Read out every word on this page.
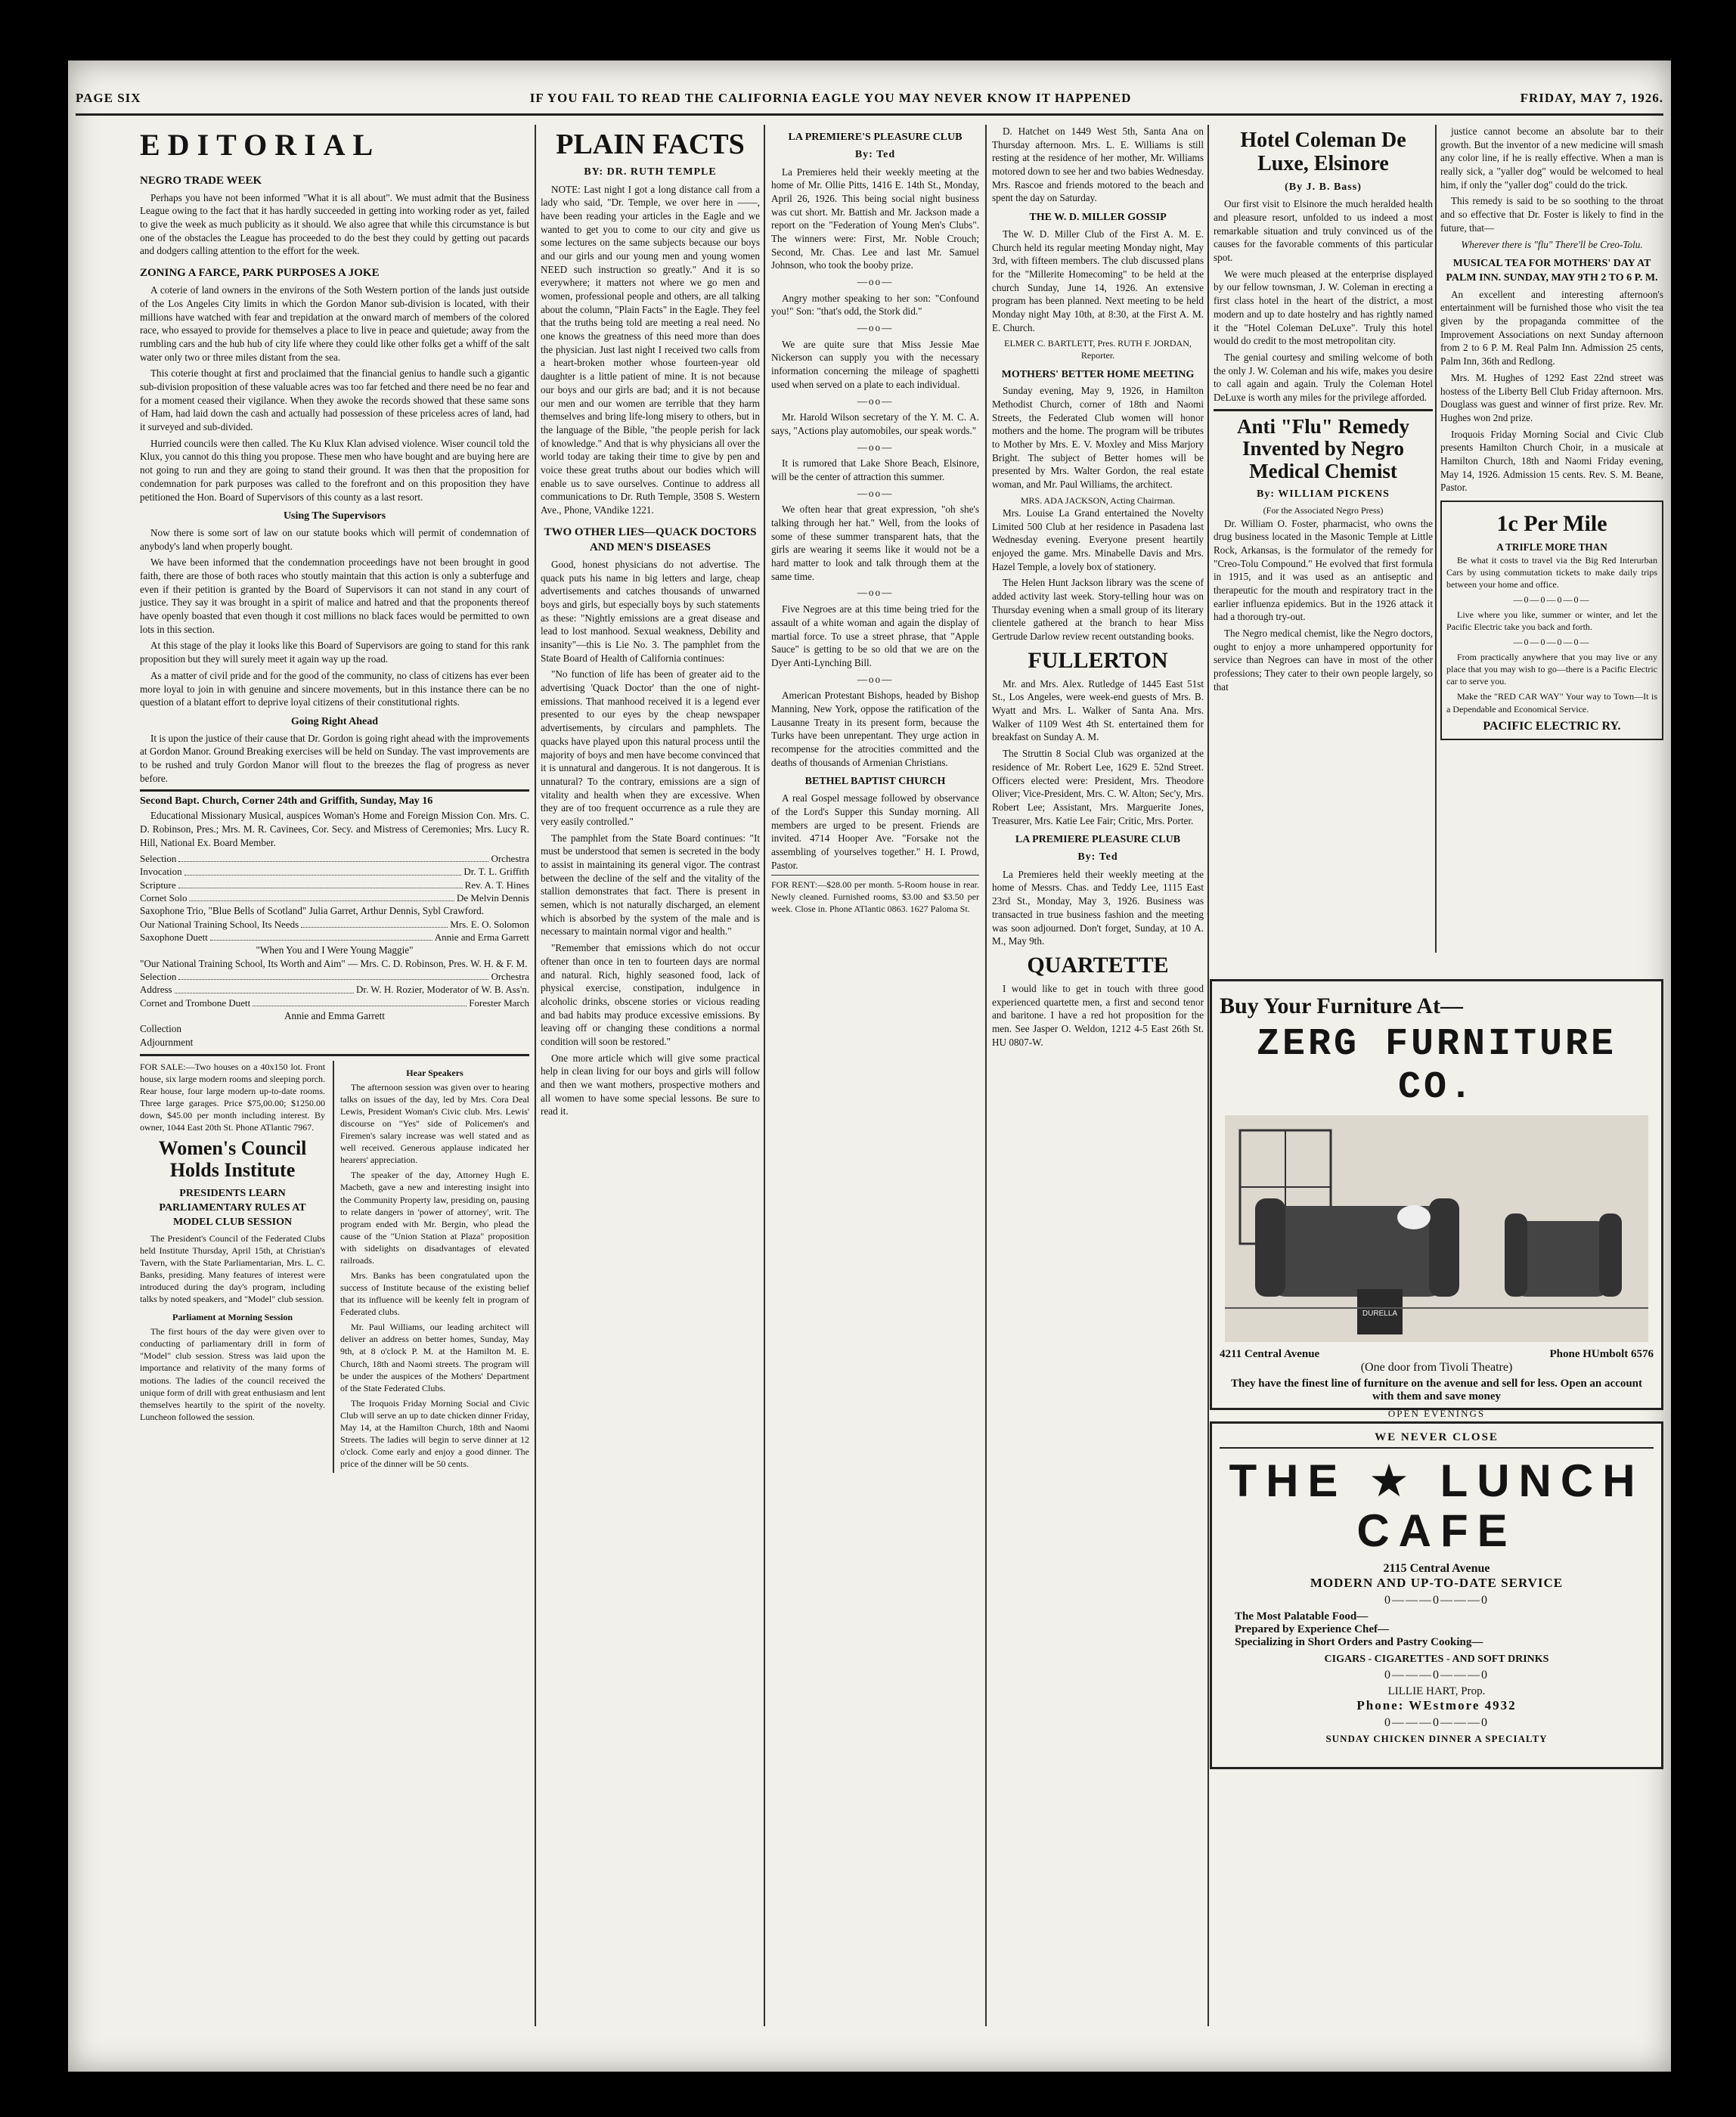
PAGE SIX	IF YOU FAIL TO READ THE CALIFORNIA EAGLE YOU MAY NEVER KNOW IT HAPPENED	FRIDAY, MAY 7, 1926.
EDITORIAL
NEGRO TRADE WEEK

Perhaps you have not been informed "What it is all about". We must admit that the Business League owing to the fact that it has hardly succeeded in getting into working roder as yet, failed to give the week as much publicity as it should. We also agree that while this circumstance is but one of the obstacles the League has proceeded to do the best they could by getting out pacards and dodgers calling attention to the effort for the week.

ZONING A FARCE, PARK PURPOSES A JOKE

A coterie of land owners in the environs of the Soth Western portion of the lands just outside of the Los Angeles City limits in which the Gordon Manor sub-division is located, with their millions have watched with fear and trepidation at the onward march of members of the colored race, who essayed to provide for themselves a place to live in peace and quietude; away from the rumbling cars and the hub hub of city life where they could like other folks get a whiff of the salt water only two or three miles distant from the sea.

This coterie thought at first and proclaimed that the financial genius to handle such a gigantic sub-division proposition of these valuable acres was too far fetched and there need be no fear and for a moment ceased their vigilance. When they awoke the records showed that these same sons of Ham, had laid down the cash and actually had possession of these priceless acres of land, had it surveyed and sub-divided.

Hurried councils were then called. The Ku Klux Klan advised violence. Wiser council told the Klux, you cannot do this thing you propose. These men who have bought and are buying here are not going to run and they are going to stand their ground. It was then that the proposition for condemnation for park purposes was called to the forefront and on this proposition they have petitioned the Hon. Board of Supervisors of this county as a last resort.

Using The Supervisors

Now there is some sort of law on our statute books which will permit of condemnation of anybody's land when properly bought.

We have been informed that the condemnation proceedings have not been brought in good faith, there are those of both races who stoutly maintain that this action is only a subterfuge and even if their petition is granted by the Board of Supervisors it can not stand in any court of justice. They say it was brought in a spirit of malice and hatred and that the proponents thereof have openly boasted that even though it cost millions no black faces would be permitted to own lots in this section.

At this stage of the play it looks like this Board of Supervisors are going to stand for this rank proposition but they will surely meet it again way up the road.

As a matter of civil pride and for the good of the community, no class of citizens has ever been more loyal to join in with genuine and sincere movements, but in this instance there can be no question of a blatant effort to deprive loyal citizens of their constitutional rights.

Going Right Ahead

It is upon the justice of their cause that Dr. Gordon is going right ahead with the improvements at Gordon Manor. Ground Breaking exercises will be held on Sunday. The vast improvements are to be rushed and truly Gordon Manor will flout to the breezes the flag of progress as never before.

Second Bapt. Church, Corner 24th and Griffith, Sunday, May 16

Educational Missionary Musical, auspices Woman's Home and Foreign Mission Con. Mrs. C. D. Robinson, Pres.; Mrs. M. R. Cavinees, Cor. Secy. and Mistress of Ceremonies; Mrs. Lucy R. Hill, National Ex. Board Member.

Selection	Orchestra
Invocation	Dr. T. L. Griffith
Scripture	Rev. A. T. Hines
Cornet Solo	De Melvin Dennis
Saxophone Trio, "Blue Bells of Scotland" Julia Garret, Arthur Dennis, Sybl Crawford.
Our National Training School, Its Needs	Mrs. E. O. Solomon
Saxophone Duett	Annie and Erma Garrett
"When You and I Were Young Maggie"
"Our National Training School, Its Worth and Aim" — Mrs. C. D. Robinson, Pres. W. H. & F. M.
Selection	Orchestra
Address	Dr. W. H. Rozier, Moderator of W. B. Ass'n.
Cornet and Trombone Duett	Forester March
Annie and Emma Garrett
Collection
Adjournment

FOR SALE:—Two houses on a 40x150 lot. Front house, six large modern rooms and sleeping porch. Rear house, four large modern up-to-date rooms. Three large garages. Price $75,00.00; $1250.00 down, $45.00 per month including interest. By owner, 1044 East 20th St. Phone ATlantic 7967.

Women's Council Holds Institute
PRESIDENTS LEARN PARLIAMENTARY RULES AT MODEL CLUB SESSION

The President's Council of the Federated Clubs held Institute Thursday, April 15th, at Christian's Tavern, with the State Parliamentarian, Mrs. L. C. Banks, presiding. Many features of interest were introduced during the day's program, including talks by noted speakers, and "Model" club session.

Parliament at Morning Session

The first hours of the day were given over to conducting of parliamentary drill in form of "Model" club session. Stress was laid upon the importance and relativity of the many forms of motions. The ladies of the council received the unique form of drill with great enthusiasm and lent themselves heartily to the spirit of the novelty. Luncheon followed the session.

Hear Speakers

The afternoon session was given over to hearing talks on issues of the day, led by Mrs. Cora Deal Lewis, President Woman's Civic club. Mrs. Lewis' discourse on "Yes" side of Policemen's and Firemen's salary increase was well stated and as well received. Generous applause indicated her hearers' appreciation.

The speaker of the day, Attorney Hugh E. Macbeth, gave a new and interesting insight into the Community Property law, presiding on, pausing to relate dangers in 'power of attorney', writ. The program ended with Mr. Bergin, who plead the cause of the "Union Station at Plaza" proposition with sidelights on disadvantages of elevated railroads.

Mrs. Banks has been congratulated upon the success of Institute because of the existing belief that its influence will be keenly felt in program of Federated clubs.

Mr. Paul Williams, our leading architect will deliver an address on better homes, Sunday, May 9th, at 8 o'clock P. M. at the Hamilton M. E. Church, 18th and Naomi streets. The program will be under the auspices of the Mothers' Department of the State Federated Clubs.

The Iroquois Friday Morning Social and Civic Club will serve an up to date chicken dinner Friday, May 14, at the Hamilton Church, 18th and Naomi Streets. The ladies will begin to serve dinner at 12 o'clock. Come early and enjoy a good dinner. The price of the dinner will be 50 cents.

PLAIN FACTS
BY: DR. RUTH TEMPLE

NOTE: Last night I got a long distance call from a lady who said, "Dr. Temple, we over here in ——, have been reading your articles in the Eagle and we wanted to get you to come to our city and give us some lectures on the same subjects because our boys and our girls and our young men and young women NEED such instruction so greatly." And it is so everywhere; it matters not where we go men and women, professional people and others, are all talking about the column, "Plain Facts" in the Eagle. They feel that the truths being told are meeting a real need. No one knows the greatness of this need more than does the physician. Just last night I received two calls from a heart-broken mother whose fourteen-year old daughter is a little patient of mine. It is not because our boys and our girls are bad; and it is not because our men and our women are terrible that they harm themselves and bring life-long misery to others, but in the language of the Bible, "the people perish for lack of knowledge." And that is why physicians all over the world today are taking their time to give by pen and voice these great truths about our bodies which will enable us to save ourselves. Continue to address all communications to Dr. Ruth Temple, 3508 S. Western Ave., Phone, VAndike 1221.

TWO OTHER LIES—QUACK DOCTORS AND MEN'S DISEASES

Good, honest physicians do not advertise. The quack puts his name in big letters and large, cheap advertisements and catches thousands of unwarned boys and girls, but especially boys by such statements as these: "Nightly emissions are a great disease and lead to lost manhood. Sexual weakness, Debility and insanity"—this is Lie No. 3. The pamphlet from the State Board of Health of California continues:

"No function of life has been of greater aid to the advertising 'Quack Doctor' than the one of night-emissions. That manhood received it is a legend ever presented to our eyes by the cheap newspaper advertisements, by circulars and pamphlets. The quacks have played upon this natural process until the majority of boys and men have become convinced that it is unnatural and dangerous. It is not dangerous. It is unnatural? To the contrary, emissions are a sign of vitality and health when they are excessive. When they are of too frequent occurrence as a rule they are very easily controlled."

The pamphlet from the State Board continues: "It must be understood that semen is secreted in the body to assist in maintaining its general vigor. The contrast between the decline of the self and the vitality of the stallion demonstrates that fact. There is present in semen, which is not naturally discharged, an element which is absorbed by the system of the male and is necessary to maintain normal vigor and health."

"Remember that emissions which do not occur oftener than once in ten to fourteen days are normal and natural. Rich, highly seasoned food, lack of physical exercise, constipation, indulgence in alcoholic drinks, obscene stories or vicious reading and bad habits may produce excessive emissions. By leaving off or changing these conditions a normal condition will soon be restored."

One more article which will give some practical help in clean living for our boys and girls will follow and then we want mothers, prospective mothers and all women to have some special lessons. Be sure to read it.

LA PREMIERE'S PLEASURE CLUB
By: Ted

La Premieres held their weekly meeting at the home of Mr. Ollie Pitts, 1416 E. 14th St., Monday, April 26, 1926. This being social night business was cut short. Mr. Battish and Mr. Jackson made a report on the "Federation of Young Men's Clubs". The winners were: First, Mr. Noble Crouch; Second, Mr. Chas. Lee and last Mr. Samuel Johnson, who took the booby prize.

—oo—

Angry mother speaking to her son: "Confound you!" Son: "that's odd, the Stork did."

—oo—

We are quite sure that Miss Jessie Mae Nickerson can supply you with the necessary information concerning the mileage of spaghetti used when served on a plate to each individual.

—oo—

Mr. Harold Wilson secretary of the Y. M. C. A. says, "Actions play automobiles, our speak words."

—oo—

It is rumored that Lake Shore Beach, Elsinore, will be the center of attraction this summer.

—oo—

We often hear that great expression, "oh she's talking through her hat." Well, from the looks of some of these summer transparent hats, that the girls are wearing it seems like it would not be a hard matter to look and talk through them at the same time.

—oo—

Five Negroes are at this time being tried for the assault of a white woman and again the display of martial force. To use a street phrase, that "Apple Sauce" is getting to be so old that we are on the Dyer Anti-Lynching Bill.

—oo—

American Protestant Bishops, headed by Bishop Manning, New York, oppose the ratification of the Lausanne Treaty in its present form, because the Turks have been unrepentant. They urge action in recompense for the atrocities committed and the deaths of thousands of Armenian Christians.

BETHEL BAPTIST CHURCH

A real Gospel message followed by observance of the Lord's Supper this Sunday morning. All members are urged to be present. Friends are invited. 4714 Hooper Ave. "Forsake not the assembling of yourselves together." H. I. Prowd, Pastor.

FOR RENT:—$28.00 per month. 5-Room house in rear. Newly cleaned. Furnished rooms, $3.00 and $3.50 per week. Close in. Phone ATlantic 0863. 1627 Paloma St.

D. Hatchet on 1449 West 5th, Santa Ana on Thursday afternoon. Mrs. L. E. Williams is still resting at the residence of her mother, Mr. Williams motored down to see her and two babies Wednesday. Mrs. Rascoe and friends motored to the beach and spent the day on Saturday.

THE W. D. MILLER GOSSIP

The W. D. Miller Club of the First A. M. E. Church held its regular meeting Monday night, May 3rd, with fifteen members. The club discussed plans for the "Millerite Homecoming" to be held at the church Sunday, June 14, 1926. An extensive program has been planned. Next meeting to be held Monday night May 10th, at 8:30, at the First A. M. E. Church.

ELMER C. BARTLETT, Pres. RUTH F. JORDAN, Reporter.
MOTHERS' BETTER HOME MEETING

Sunday evening, May 9, 1926, in Hamilton Methodist Church, corner of 18th and Naomi Streets, the Federated Club women will honor mothers and the home. The program will be tributes to Mother by Mrs. E. V. Moxley and Miss Marjory Bright. The subject of Better homes will be presented by Mrs. Walter Gordon, the real estate woman, and Mr. Paul Williams, the architect.

MRS. ADA JACKSON, Acting Chairman.

Mrs. Louise La Grand entertained the Novelty Limited 500 Club at her residence in Pasadena last Wednesday evening. Everyone present heartily enjoyed the game. Mrs. Minabelle Davis and Mrs. Hazel Temple, a lovely box of stationery.

The Helen Hunt Jackson library was the scene of added activity last week. Story-telling hour was on Thursday evening when a small group of its literary clientele gathered at the branch to hear Miss Gertrude Darlow review recent outstanding books.

FULLERTON

Mr. and Mrs. Alex. Rutledge of 1445 East 51st St., Los Angeles, were week-end guests of Mrs. B. Wyatt and Mrs. L. Walker of Santa Ana. Mrs. Walker of 1109 West 4th St. entertained them for breakfast on Sunday A. M.

The Struttin 8 Social Club was organized at the residence of Mr. Robert Lee, 1629 E. 52nd Street. Officers elected were: President, Mrs. Theodore Oliver; Vice-President, Mrs. C. W. Alton; Sec'y, Mrs. Robert Lee; Assistant, Mrs. Marguerite Jones, Treasurer, Mrs. Katie Lee Fair; Critic, Mrs. Porter.

LA PREMIERE PLEASURE CLUB
By: Ted

La Premieres held their weekly meeting at the home of Messrs. Chas. and Teddy Lee, 1115 East 23rd St., Monday, May 3, 1926. Business was transacted in true business fashion and the meeting was soon adjourned. Don't forget, Sunday, at 10 A. M., May 9th.

QUARTETTE

I would like to get in touch with three good experienced quartette men, a first and second tenor and baritone. I have a red hot proposition for the men. See Jasper O. Weldon, 1212 4-5 East 26th St. HU 0807-W.

Hotel Coleman De Luxe, Elsinore
(By J. B. Bass)

Our first visit to Elsinore the much heralded health and pleasure resort, unfolded to us indeed a most remarkable situation and truly convinced us of the causes for the favorable comments of this particular spot.

We were much pleased at the enterprise displayed by our fellow townsman, J. W. Coleman in erecting a first class hotel in the heart of the district, a most modern and up to date hostelry and has rightly named it the "Hotel Coleman DeLuxe". Truly this hotel would do credit to the most metropolitan city.

The genial courtesy and smiling welcome of both the only J. W. Coleman and his wife, makes you desire to call again and again. Truly the Coleman Hotel DeLuxe is worth any miles for the privilege afforded.

Anti "Flu" Remedy Invented by Negro Medical Chemist
By: WILLIAM PICKENS
(For the Associated Negro Press)

Dr. William O. Foster, pharmacist, who owns the drug business located in the Masonic Temple at Little Rock, Arkansas, is the formulator of the remedy for "Creo-Tolu Compound." He evolved that first formula in 1915, and it was used as an antiseptic and therapeutic for the mouth and respiratory tract in the earlier influenza epidemics. But in the 1926 attack it had a thorough try-out.

The Negro medical chemist, like the Negro doctors, ought to enjoy a more unhampered opportunity for service than Negroes can have in most of the other professions; They cater to their own people largely, so that

justice cannot become an absolute bar to their growth. But the inventor of a new medicine will smash any color line, if he is really effective. When a man is really sick, a "yaller dog" would be welcomed to heal him, if only the "yaller dog" could do the trick.

This remedy is said to be so soothing to the throat and so effective that Dr. Foster is likely to find in the future, that—

Wherever there is "flu" There'll be Creo-Tolu.
MUSICAL TEA FOR MOTHERS' DAY AT PALM INN. SUNDAY, MAY 9TH 2 TO 6 P. M.

An excellent and interesting afternoon's entertainment will be furnished those who visit the tea given by the propaganda committee of the Improvement Associations on next Sunday afternoon from 2 to 6 P. M. Real Palm Inn. Admission 25 cents, Palm Inn, 36th and Redlong.

Mrs. M. Hughes of 1292 East 22nd street was hostess of the Liberty Bell Club Friday afternoon. Mrs. Douglass was guest and winner of first prize. Rev. Mr. Hughes won 2nd prize.

Iroquois Friday Morning Social and Civic Club presents Hamilton Church Choir, in a musicale at Hamilton Church, 18th and Naomi Friday evening, May 14, 1926. Admission 15 cents. Rev. S. M. Beane, Pastor.

1c Per Mile
A TRIFLE MORE THAN

Be what it costs to travel via the Big Red Interurban Cars by using commutation tickets to make daily trips between your home and office.

—0—0—0—0—

Live where you like, summer or winter, and let the Pacific Electric take you back and forth.

—0—0—0—0—

From practically anywhere that you may live or any place that you may wish to go—there is a Pacific Electric car to serve you.

Make the "RED CAR WAY" Your way to Town—It is a Dependable and Economical Service.

PACIFIC ELECTRIC RY.
Buy Your Furniture At—
ZERG FURNITURE CO.
DURELLA
4211 Central Avenue	Phone HUmbolt 6576
(One door from Tivoli Theatre)
They have the finest line of furniture on the avenue and sell for less. Open an account with them and save money
OPEN EVENINGS
WE NEVER CLOSE
THE ★ LUNCH
CAFE
2115 Central Avenue
MODERN AND UP-TO-DATE SERVICE
0———0———0
The Most Palatable Food—
Prepared by Experience Chef—
Specializing in Short Orders and Pastry Cooking—
CIGARS - CIGARETTES - AND SOFT DRINKS
0———0———0
LILLIE HART, Prop.
Phone: WEstmore 4932
0———0———0
SUNDAY CHICKEN DINNER A SPECIALTY
